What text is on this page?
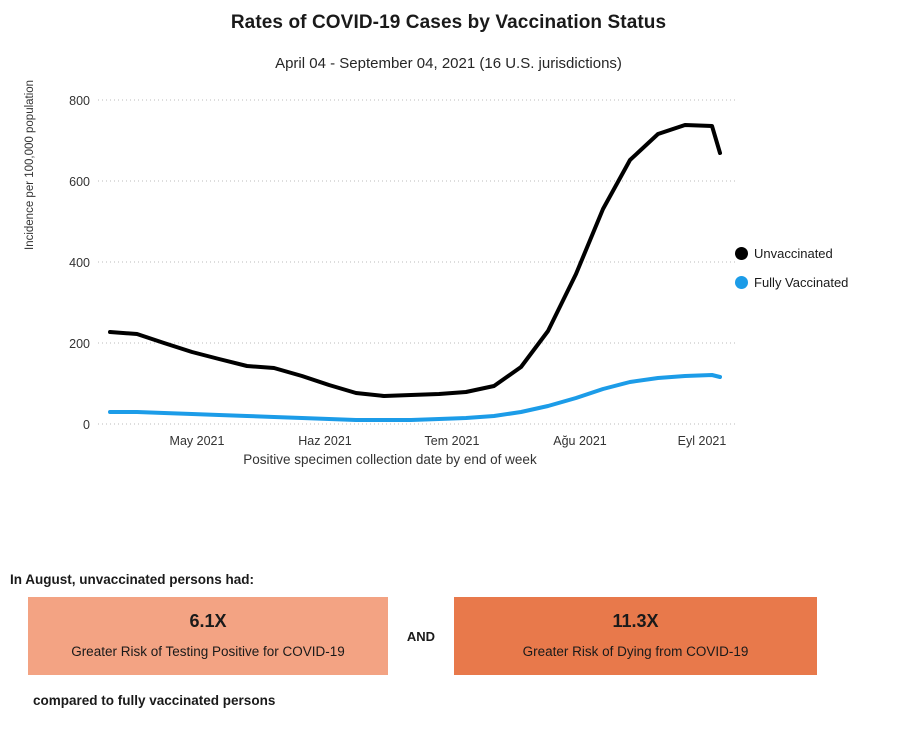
Rates of COVID-19 Cases by Vaccination Status
April 04 - September 04, 2021 (16 U.S. jurisdictions)
800
600
400
200
0
May 2021	Haz 2021	Tem 2021	Ağu 2021	Eyl 2021
Incidence per 100,000 population
Positive specimen collection date by end of week
Unvaccinated
Fully Vaccinated
In August, unvaccinated persons had:
6.1X
Greater Risk of Testing Positive for COVID-19
AND
11.3X
Greater Risk of Dying from COVID-19
compared to fully vaccinated persons
